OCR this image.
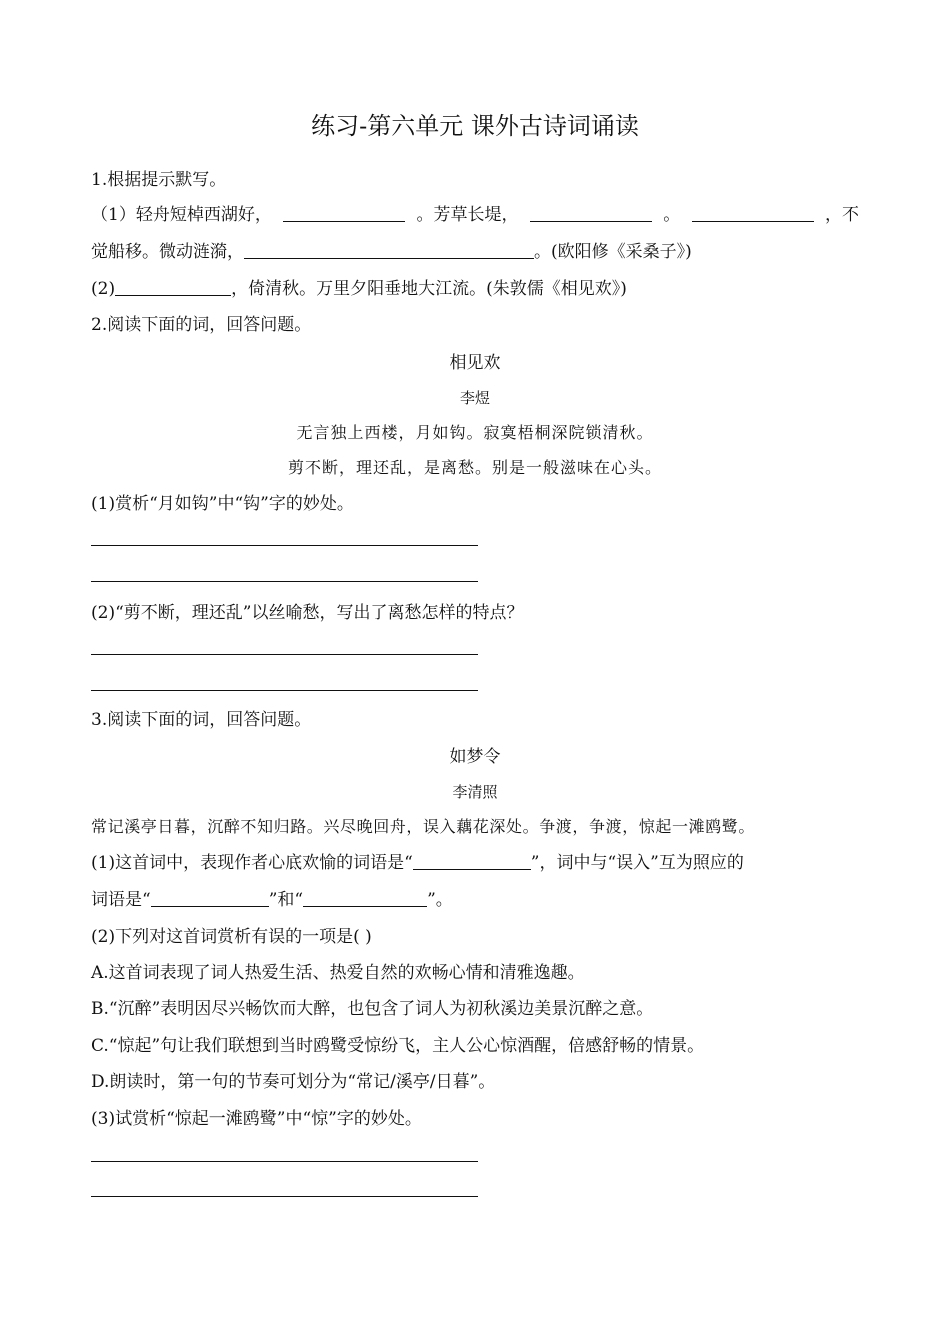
练习-第六单元 课外古诗词诵读
1.根据提示默写。
（1）轻舟短棹西湖好，	。芳草长堤，	。	，不
觉船移。微动涟漪，	。(欧阳修《采桑子》)
(2)	，倚清秋。万里夕阳垂地大江流。(朱敦儒《相见欢》)
2.阅读下面的词，回答问题。
相见欢
李煜
无言独上西楼，月如钩。寂寞梧桐深院锁清秋。
剪不断，理还乱，是离愁。别是一般滋味在心头。
(1)赏析“月如钩”中“钩”字的妙处。
(2)“剪不断，理还乱”以丝喻愁，写出了离愁怎样的特点？
3.阅读下面的词，回答问题。
如梦令
李清照
常记溪亭日暮，沉醉不知归路。兴尽晚回舟，误入藕花深处。争渡，争渡，惊起一滩鸥鹭。
(1)这首词中，表现作者心底欢愉的词语是“	”，词中与“误入”互为照应的
词语是“	”和“	”。
(2)下列对这首词赏析有误的一项是( )
A.这首词表现了词人热爱生活、热爱自然的欢畅心情和清雅逸趣。
B.“沉醉”表明因尽兴畅饮而大醉，也包含了词人为初秋溪边美景沉醉之意。
C.“惊起”句让我们联想到当时鸥鹭受惊纷飞，主人公心惊酒醒，倍感舒畅的情景。
D.朗读时，第一句的节奏可划分为“常记/溪亭/日暮”。
(3)试赏析“惊起一滩鸥鹭”中“惊”字的妙处。
